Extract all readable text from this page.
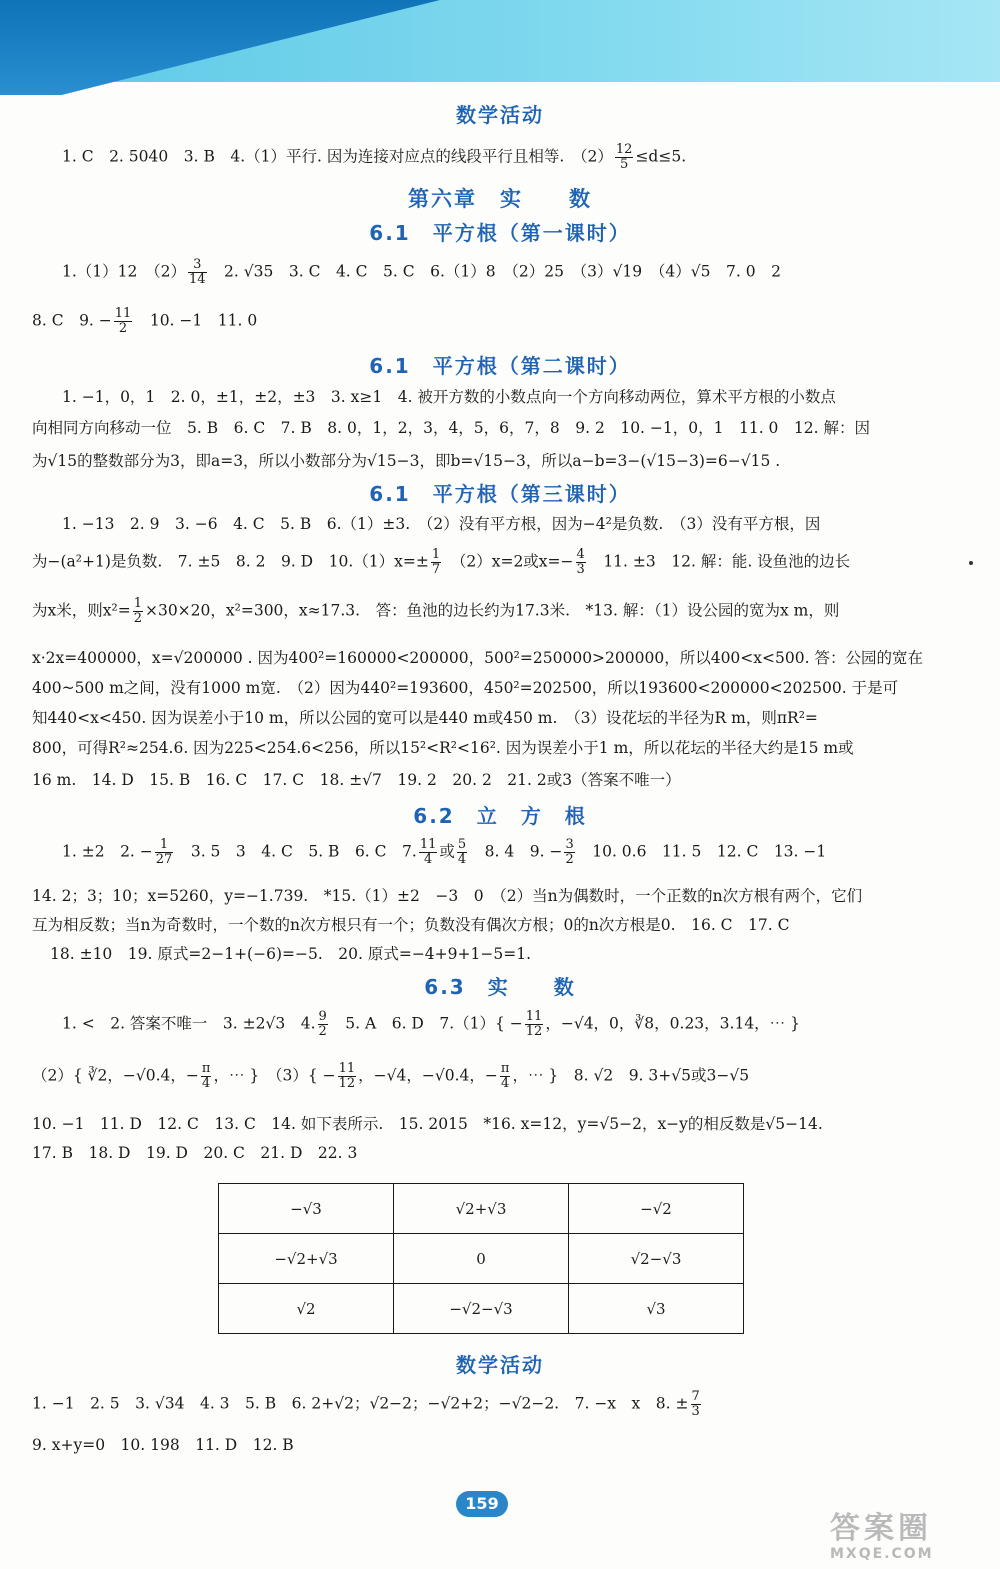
数学活动
1. C　2. 5040　3. B　4.（1）平行. 因为连接对应点的线段平行且相等.　$(2) \frac{12}{5} \le d\le 5$.
第六章　实　　数
6.1　平方根（第一课时）
1.（1）12　$(2) \frac{3}{14}$ 　2. √35　3. C　4. C　5. C　6.（1）8　（2）25　（3）√19　（4）√5　7. 0　2
8. C　9. − $\frac{11}{2}$ 　10. −1　11. 0
6.1　平方根（第二课时）
1. −1，0，1　2. 0，±1，±2，±3　3. x≥1　4. 被开方数的小数点向一个方向移动两位，算术平方根的小数点
向相同方向移动一位　5. B　6. C　7. B　8. 0，1，2，3，4，5，6，7，8　9. 2　10. −1，0，1　11. 0　12. 解：因
为√15的整数部分为3，即a=3，所以小数部分为√15−3，即b=√15−3，所以a−b=3−(√15−3)=6−√15 .
6.1　平方根（第三课时）
1. −13　2. 9　3. −6　4. C　5. B　6.（1）±3.　（2）没有平方根，因为−4²是负数.　（3）没有平方根，因
为−(a²+1)是负数.　7. ±5　8. 2　9. D　$10.(1)x=\pm \frac{1}{7}$ 　（2）x=2或$x=- \frac{4}{3}$ 　11. ±3　12. 解：能. 设鱼池的边长
为x米，则$x^2= \frac{1}{2} \times 30\times 20$，x²=300，x≈17.3.　答：鱼池的边长约为17.3米.　*13. 解：（1）设公园的宽为x m，则
x·2x=400000，x=√200000 . 因为400²=160000<200000，500²=250000>200000，所以400<x<500. 答：公园的宽在
400~500 m之间，没有1000 m宽.　（2）因为440²=193600，450²=202500，所以193600<200000<202500. 于是可
知440<x<450. 因为误差小于10 m，所以公园的宽可以是440 m或450 m.　（3）设花坛的半径为R m，则πR²=
800，可得R²≈254.6. 因为225<254.6<256，所以15²<R²<16². 因为误差小于1 m，所以花坛的半径大约是15 m或
16 m.　14. D　15. B　16. C　17. C　18. ±√7　19. 2　20. 2　21. 2或3（答案不唯一）
6.2　立　方　根
1. ±2　2. − $\frac{1}{27}$ 　3. 5　3　4. C　5. B　6. C　7. $\frac{11}{4}$ 或 $\frac{5}{4}$ 　8. 4　9. − $\frac{3}{2}$ 　10. 0.6　11. 5　12. C　13. −1
14. 2；3；10；x=5260，y=−1.739.　*15.（1）±2　−3　0　（2）当n为偶数时，一个正数的n次方根有两个，它们
互为相反数；当n为奇数时，一个数的n次方根只有一个；负数没有偶次方根；0的n次方根是0.　16. C　17. C
18. ±10　19. 原式=2−1+(−6)=−5.　20. 原式=−4+9+1−5=1.
6.3　实　　数
1. <　2. 答案不唯一　3. ±2√3　4. $\frac{9}{2}$ 　5. A　6. D　$7.(1)\{ - \frac{11}{12}$ ，−√4，0，∛8，0.23，3.14，⋯ }
（2）{ ∛2，−√0.4，− $\frac{\pi}{4}$ ，⋯ }　$(3)\{ - \frac{11}{12}$ ，−√4，−√0.4，− $\frac{\pi}{4}$ ，⋯ }　8. √2　9. 3+√5或3−√5
10. −1　11. D　12. C　13. C　14. 如下表所示.　15. 2015　*16. x=12，y=√5−2，x−y的相反数是√5−14.
17. B　18. D　19. D　20. C　21. D　22. 3
−√3	√2+√3	−√2
−√2+√3	0	√2−√3
√2	−√2−√3	√3
数学活动
1. −1　2. 5　3. √34　4. 3　5. B　6. 2+√2；√2−2；−√2+2；−√2−2.　7. −x　x　8. ± $\frac{7}{3}$
9. x+y=0　10. 198　11. D　12. B
159
答案圈
MXQE.COM
